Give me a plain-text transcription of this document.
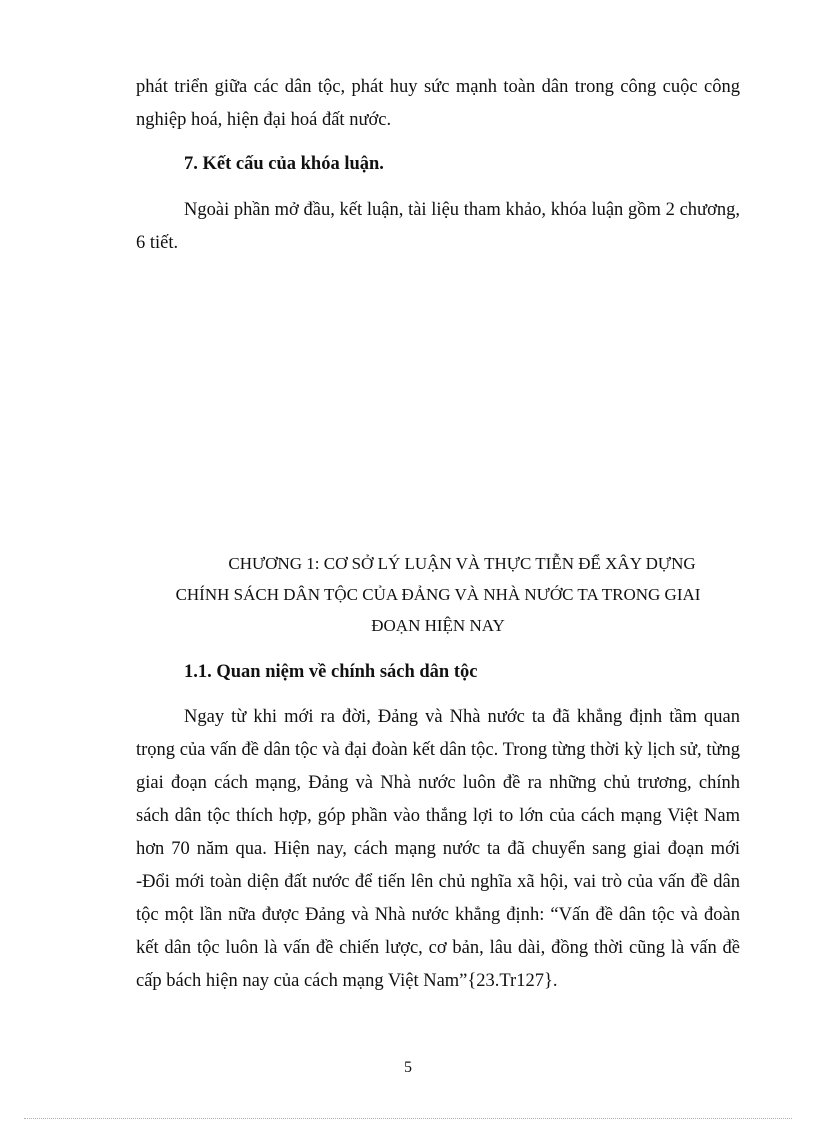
phát triển giữa các dân tộc, phát huy sức mạnh toàn dân trong công cuộc công nghiệp hoá, hiện đại hoá đất nước.

7. Kết cấu của khóa luận.

Ngoài phần mở đầu, kết luận, tài liệu tham khảo, khóa luận gồm 2 chương, 6 tiết.

CHƯƠNG 1: CƠ SỞ LÝ LUẬN VÀ THỰC TIỄN ĐỂ XÂY DỰNG
CHÍNH SÁCH DÂN TỘC CỦA ĐẢNG VÀ NHÀ NƯỚC TA TRONG GIAI
ĐOẠN HIỆN NAY

1.1. Quan niệm về chính sách dân tộc

Ngay từ khi mới ra đời, Đảng và Nhà nước ta đã khẳng định tầm quan trọng của vấn đề dân tộc và đại đoàn kết dân tộc. Trong từng thời kỳ lịch sử, từng giai đoạn cách mạng, Đảng và Nhà nước luôn đề ra những chủ trương, chính sách dân tộc thích hợp, góp phần vào thắng lợi to lớn của cách mạng Việt Nam hơn 70 năm qua. Hiện nay, cách mạng nước ta đã chuyển sang giai đoạn mới -Đổi mới toàn diện đất nước để tiến lên chủ nghĩa xã hội, vai trò của vấn đề dân tộc một lần nữa được Đảng và Nhà nước khẳng định: “Vấn đề dân tộc và đoàn kết dân tộc luôn là vấn đề chiến lược, cơ bản, lâu dài, đồng thời cũng là vấn đề cấp bách hiện nay của cách mạng Việt Nam”{23.Tr127}.

5
